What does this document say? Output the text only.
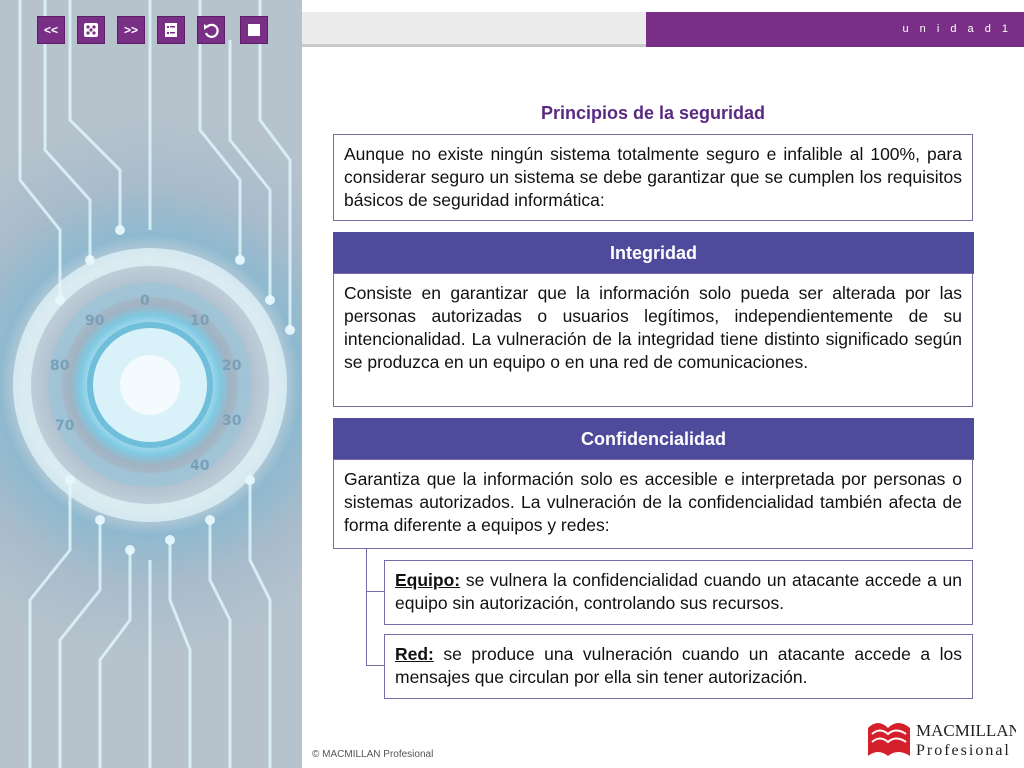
0
10
20
30
40
90
80
70
u n i d a d 1
<<	>>
Principios de la seguridad
Aunque no existe ningún sistema totalmente seguro e infalible al 100%, para considerar seguro un sistema se debe garantizar que se cumplen los requisitos básicos de seguridad informática:
Integridad
Consiste en garantizar que la información solo pueda ser alterada por las personas autorizadas o usuarios legítimos, independientemente de su intencionalidad. La vulneración de la integridad tiene distinto significado según se produzca en un equipo o en una red de comunicaciones.
Confidencialidad
Garantiza que la información solo es accesible e interpretada por personas o sistemas autorizados. La vulneración de la confidencialidad también afecta de forma diferente a equipos y redes:
Equipo: se vulnera la confidencialidad cuando un atacante accede a un equipo sin autorización, controlando sus recursos.
Red: se produce una vulneración cuando un atacante accede a los mensajes que circulan por ella sin tener autorización.
© MACMILLAN Profesional
MACMILLAN
Profesional
